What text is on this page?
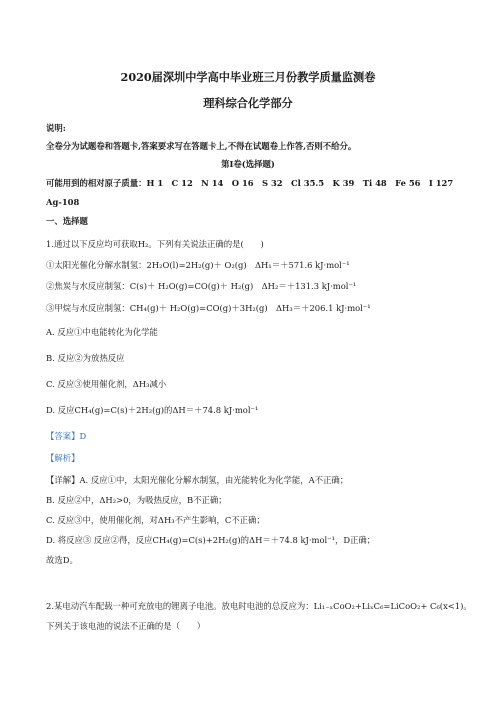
2020届深圳中学高中毕业班三月份教学质量监测卷
理科综合化学部分
说明:
全卷分为试题卷和答题卡,答案要求写在答题卡上,不得在试题卷上作答,否则不给分。
第Ⅰ卷(选择题)
可能用到的相对原子质量：H 1　C 12　N 14　O 16　S 32　Cl 35.5　K 39　Ti 48　Fe 56　I 127
Ag-108
一、选择题
1.通过以下反应均可获取H₂。下列有关说法正确的是(　　)
①太阳光催化分解水制氢：2H₂O(l)=2H₂(g)＋ O₂(g)　ΔH₁＝＋571.6 kJ·mol⁻¹
②焦炭与水反应制氢：C(s)＋ H₂O(g)=CO(g)＋ H₂(g)　ΔH₂＝＋131.3 kJ·mol⁻¹
③甲烷与水反应制氢：CH₄(g)＋ H₂O(g)=CO(g)＋3H₂(g)　ΔH₃＝＋206.1 kJ·mol⁻¹
A. 反应①中电能转化为化学能
B. 反应②为放热反应
C. 反应③使用催化剂，ΔH₃减小
D. 反应CH₄(g)=C(s)＋2H₂(g)的ΔH＝＋74.8 kJ·mol⁻¹
【答案】D
【解析】
【详解】A. 反应①中，太阳光催化分解水制氢，由光能转化为化学能，A不正确；
B. 反应②中，ΔH₂>0，为吸热反应，B不正确；
C. 反应③中，使用催化剂，对ΔH₃不产生影响，C不正确；
D. 将反应③ 反应②得，反应CH₄(g)=C(s)+2H₂(g)的ΔH＝＋74.8 kJ·mol⁻¹，D正确；
故选D。
2.某电动汽车配载一种可充放电的锂离子电池。放电时电池的总反应为：Li₁₋ₓCoO₂+LiₓC₆=LiCoO₂+ C₆(x<1)。
下列关于该电池的说法不正确的是（　　）
